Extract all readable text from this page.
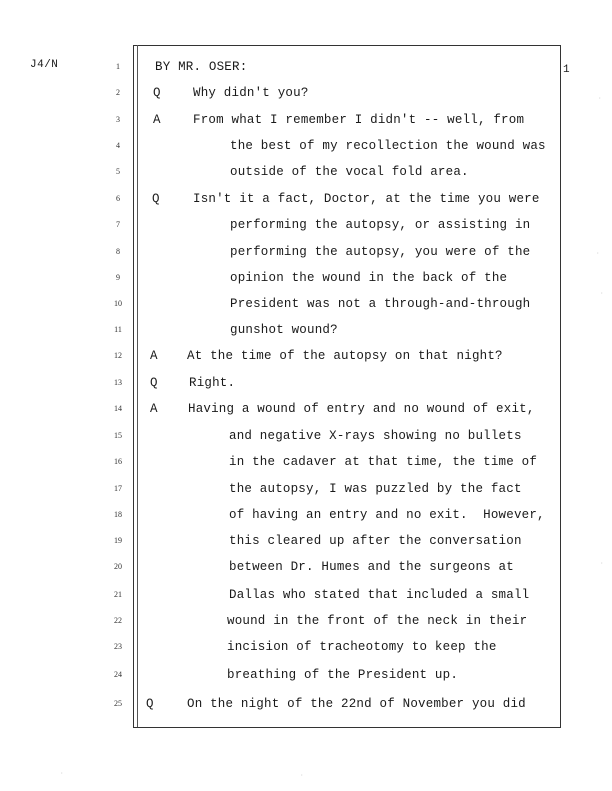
J4/N	1
1	BY MR. OSER:
2	Q	Why didn't you?
3	A	From what I remember I didn't -- well, from
4	the best of my recollection the wound was
5	outside of the vocal fold area.
6	Q	Isn't it a fact, Doctor, at the time you were
7	performing the autopsy, or assisting in
8	performing the autopsy, you were of the
9	opinion the wound in the back of the
10	President was not a through-and-through
11	gunshot wound?
12	A At the time of the autopsy on that night?
13	Q	Right.
14	A Having a wound of entry and no wound of exit,
15	and negative X-rays showing no bullets
16	in the cadaver at that time, the time of
17	the autopsy, I was puzzled by the fact
18	of having an entry and no exit.  However,
19	this cleared up after the conversation
20	between Dr. Humes and the surgeons at
21	Dallas who stated that included a small
22	wound in the front of the neck in their
23	incision of tracheotomy to keep the
24	breathing of the President up.
25	Q	On the night of the 22nd of November you did
·
·
·
·
·	·
